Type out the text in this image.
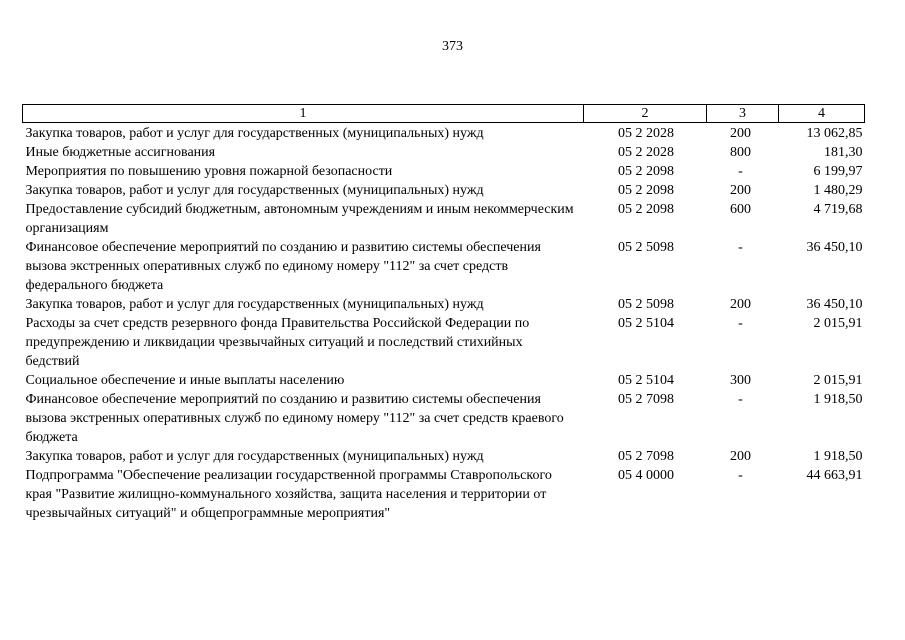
373
1	2	3	4
Закупка товаров, работ и услуг для государственных (муниципальных) нужд	05 2 2028	200	13 062,85
Иные бюджетные ассигнования	05 2 2028	800	181,30
Мероприятия по повышению уровня пожарной безопасности	05 2 2098	-	6 199,97
Закупка товаров, работ и услуг для государственных (муниципальных) нужд	05 2 2098	200	1 480,29
Предоставление субсидий бюджетным, автономным учреждениям и иным некоммерческим организациям	05 2 2098	600	4 719,68
Финансовое обеспечение мероприятий по созданию и развитию системы обеспечения вызова экстренных оперативных служб по единому номеру "112" за счет средств федерального бюджета	05 2 5098	-	36 450,10
Закупка товаров, работ и услуг для государственных (муниципальных) нужд	05 2 5098	200	36 450,10
Расходы за счет средств резервного фонда Правительства Российской Федерации по предупреждению и ликвидации чрезвычайных ситуаций и последствий стихийных бедствий	05 2 5104	-	2 015,91
Социальное обеспечение и иные выплаты населению	05 2 5104	300	2 015,91
Финансовое обеспечение мероприятий по созданию и развитию системы обеспечения вызова экстренных оперативных служб по единому номеру "112" за счет средств краевого бюджета	05 2 7098	-	1 918,50
Закупка товаров, работ и услуг для государственных (муниципальных) нужд	05 2 7098	200	1 918,50
Подпрограмма "Обеспечение реализации государственной программы Ставропольского края "Развитие жилищно-коммунального хозяйства, защита населения и территории от чрезвычайных ситуаций" и общепрограммные мероприятия"	05 4 0000	-	44 663,91
